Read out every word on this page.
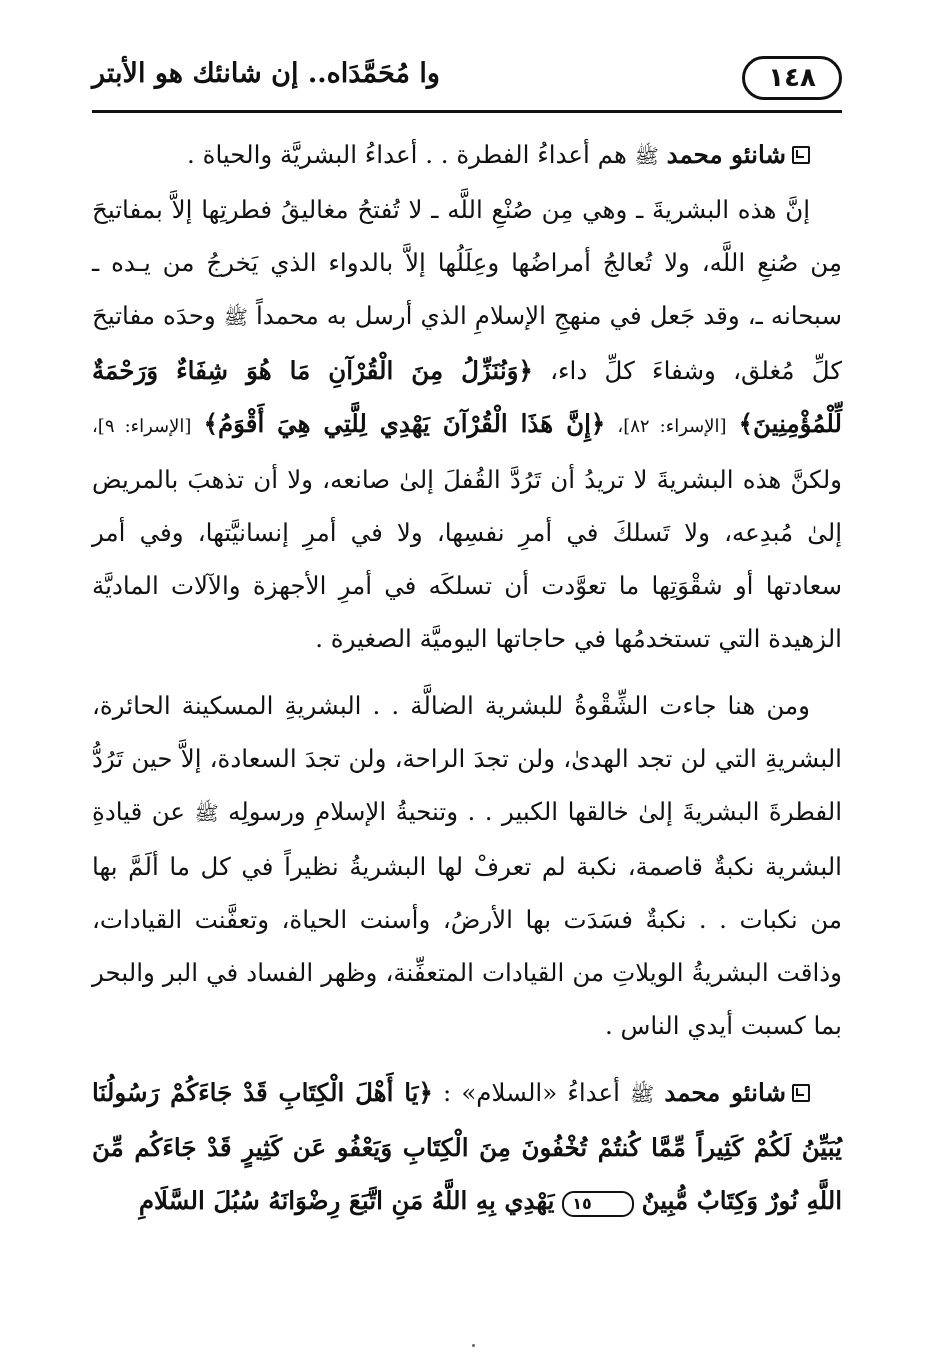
١٤٨
وا مُحَمَّدَاه.. إن شانئك هو الأبتر

شانئو محمد ﷺ هم أعداءُ الفطرة . . أعداءُ البشريَّة والحياة .

إنَّ هذه البشريةَ ـ وهي مِن صُنْعِ اللَّه ـ لا تُفتحُ مغاليقُ فطرتِها إلاَّ بمفاتيحَ مِن صُنعِ اللَّه، ولا تُعالجُ أمراضُها وعِلَلُها إلاَّ بالدواء الذي يَخرجُ من يـده ـ سبحانه ـ، وقد جَعل في منهجِ الإسلامِ الذي أرسل به محمداً ﷺ وحدَه مفاتيحَ كلِّ مُغلق، وشفاءَ كلِّ داء، ﴿وَنُنَزِّلُ مِنَ الْقُرْآنِ مَا هُوَ شِفَاءٌ وَرَحْمَةٌ لِّلْمُؤْمِنِينَ﴾ [الإسراء: ٨٢]، ﴿إِنَّ هَذَا الْقُرْآنَ يَهْدِي لِلَّتِي هِيَ أَقْوَمُ﴾ [الإسراء: ٩]، ولكنَّ هذه البشريةَ لا تريدُ أن تَرُدَّ القُفلَ إلىٰ صانعه، ولا أن تذهبَ بالمريض إلىٰ مُبدِعه، ولا تَسلكَ في أمرِ نفسِها، ولا في أمرِ إنسانيَّتها، وفي أمر سعادتها أو شقْوَتِها ما تعوَّدت أن تسلكَه في أمرِ الأجهزة والآلات الماديَّة الزهيدة التي تستخدمُها في حاجاتها اليوميَّة الصغيرة .

ومن هنا جاءت الشِّقْوةُ للبشرية الضالَّة . . البشريةِ المسكينة الحائرة، البشريةِ التي لن تجد الهدىٰ، ولن تجدَ الراحة، ولن تجدَ السعادة، إلاَّ حين تَرُدُّ الفطرةَ البشريةَ إلىٰ خالقها الكبير . . وتنحيةُ الإسلامِ ورسولِه ﷺ عن قيادةِ البشرية نكبةٌ قاصمة، نكبة لم تعرفْ لها البشريةُ نظيراً في كل ما ألَمَّ بها من نكبات . . نكبةٌ فسَدَت بها الأرضُ، وأسنت الحياة، وتعفَّنت القيادات، وذاقت البشريةُ الويلاتِ من القيادات المتعفِّنة، وظهر الفساد في البر والبحر بما كسبت أيدي الناس .

شانئو محمد ﷺ أعداءُ «السلام» : ﴿يَا أَهْلَ الْكِتَابِ قَدْ جَاءَكُمْ رَسُولُنَا يُبَيِّنُ لَكُمْ كَثِيراً مِّمَّا كُنتُمْ تُخْفُونَ مِنَ الْكِتَابِ وَيَعْفُو عَن كَثِيرٍ قَدْ جَاءَكُم مِّنَ اللَّهِ نُورٌ وَكِتَابٌ مُّبِينٌ ١٥ يَهْدِي بِهِ اللَّهُ مَنِ اتَّبَعَ رِضْوَانَهُ سُبُلَ السَّلَامِ
